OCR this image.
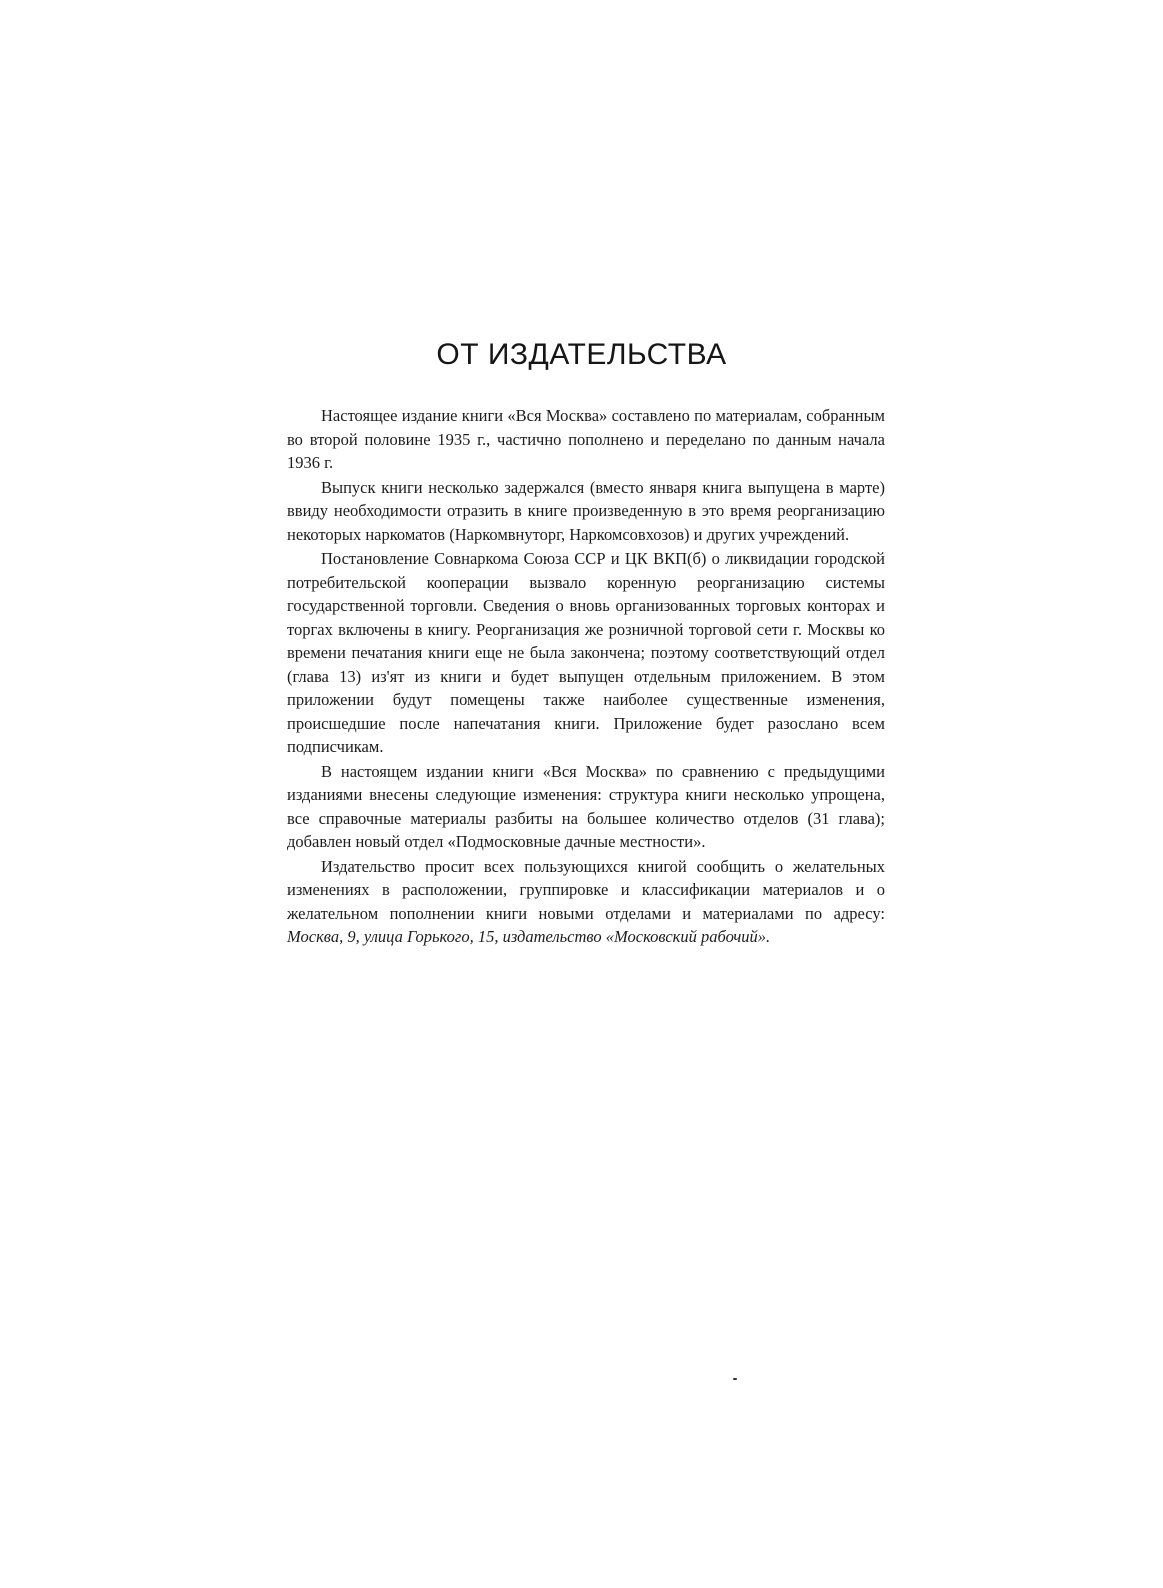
ОТ ИЗДАТЕЛЬСТВА

Настоящее издание книги «Вся Москва» составлено по материалам, собранным во второй половине 1935 г., частично пополнено и переделано по данным начала 1936 г.

Выпуск книги несколько задержался (вместо января книга выпущена в марте) ввиду необходимости отразить в книге произведенную в это время реорганизацию некоторых наркоматов (Наркомвнуторг, Наркомсовхозов) и других учреждений.

Постановление Совнаркома Союза ССР и ЦК ВКП(б) о ликвидации городской потребительской кооперации вызвало коренную реорганизацию системы государственной торговли. Сведения о вновь организованных торговых конторах и торгах включены в книгу. Реорганизация же розничной торговой сети г. Москвы ко времени печатания книги еще не была закончена; поэтому соответствующий отдел (глава 13) из'ят из книги и будет выпущен отдельным приложением. В этом приложении будут помещены также наиболее существенные изменения, происшедшие после напечатания книги. Приложение будет разослано всем подписчикам.

В настоящем издании книги «Вся Москва» по сравнению с предыдущими изданиями внесены следующие изменения: структура книги несколько упрощена, все справочные материалы разбиты на большее количество отделов (31 глава); добавлен новый отдел «Подмосковные дачные местности».

Издательство просит всех пользующихся книгой сообщить о желательных изменениях в расположении, группировке и классификации материалов и о желательном пополнении книги новыми отделами и материалами по адресу: Москва, 9, улица Горького, 15, издательство «Московский рабочий».
